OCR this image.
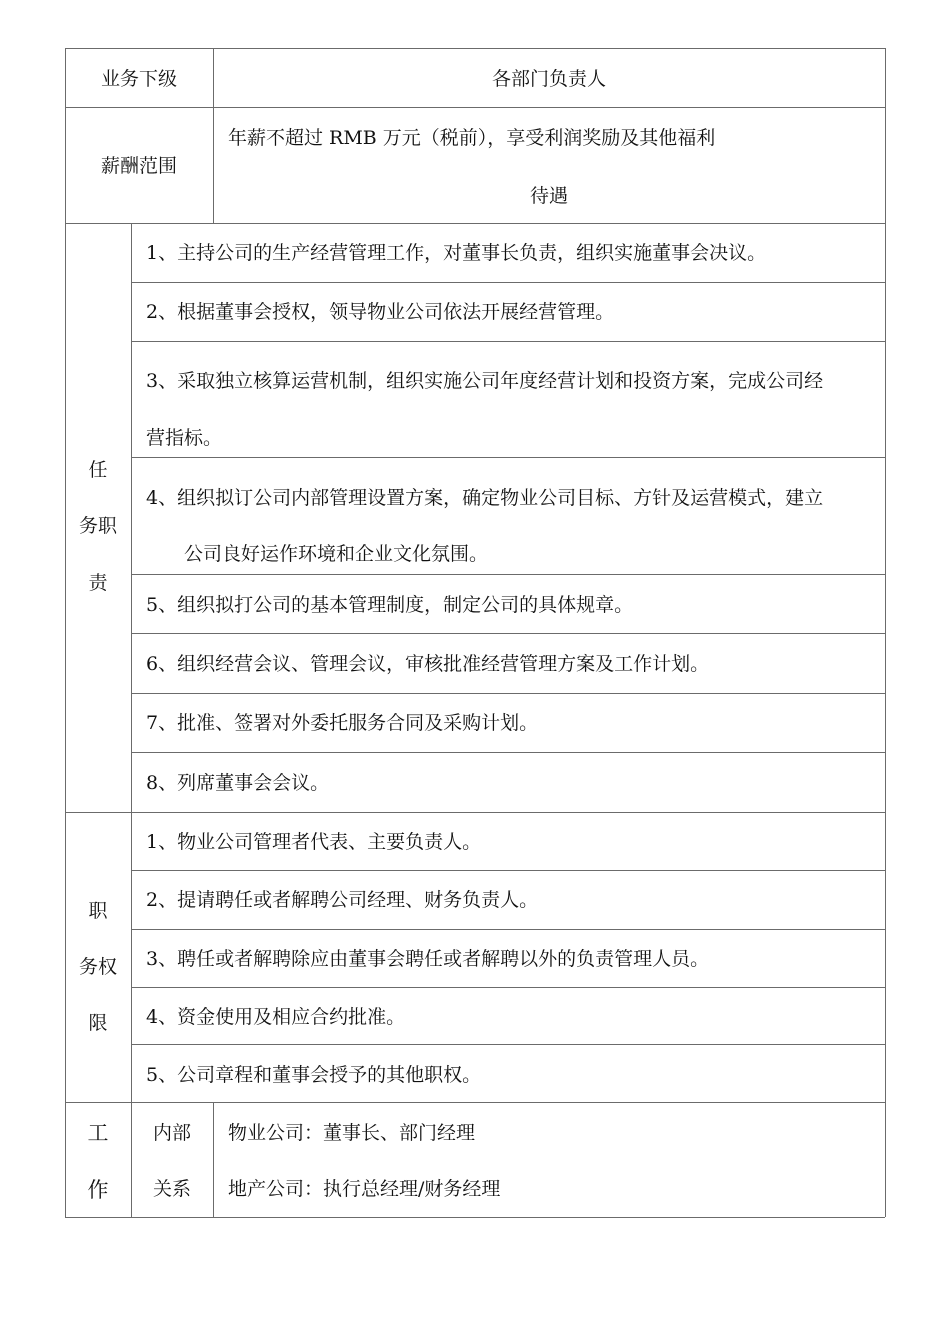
业务下级	各部门负责人
薪酬范围
年薪不超过 RMB 万元（税前），享受利润奖励及其他福利
待遇
任
务职
责
1、主持公司的生产经营管理工作，对董事长负责，组织实施董事会决议。
2、根据董事会授权，领导物业公司依法开展经营管理。
3、采取独立核算运营机制，组织实施公司年度经营计划和投资方案，完成公司经
营指标。
4、组织拟订公司内部管理设置方案，确定物业公司目标、方针及运营模式，建立
公司良好运作环境和企业文化氛围。
5、组织拟打公司的基本管理制度，制定公司的具体规章。
6、组织经营会议、管理会议，审核批准经营管理方案及工作计划。
7、批准、签署对外委托服务合同及采购计划。
8、列席董事会会议。
职
务权
限
1、物业公司管理者代表、主要负责人。
2、提请聘任或者解聘公司经理、财务负责人。
3、聘任或者解聘除应由董事会聘任或者解聘以外的负责管理人员。
4、资金使用及相应合约批准。
5、公司章程和董事会授予的其他职权。
工
作
内部
关系
物业公司：董事长、部门经理
地产公司：执行总经理/财务经理
